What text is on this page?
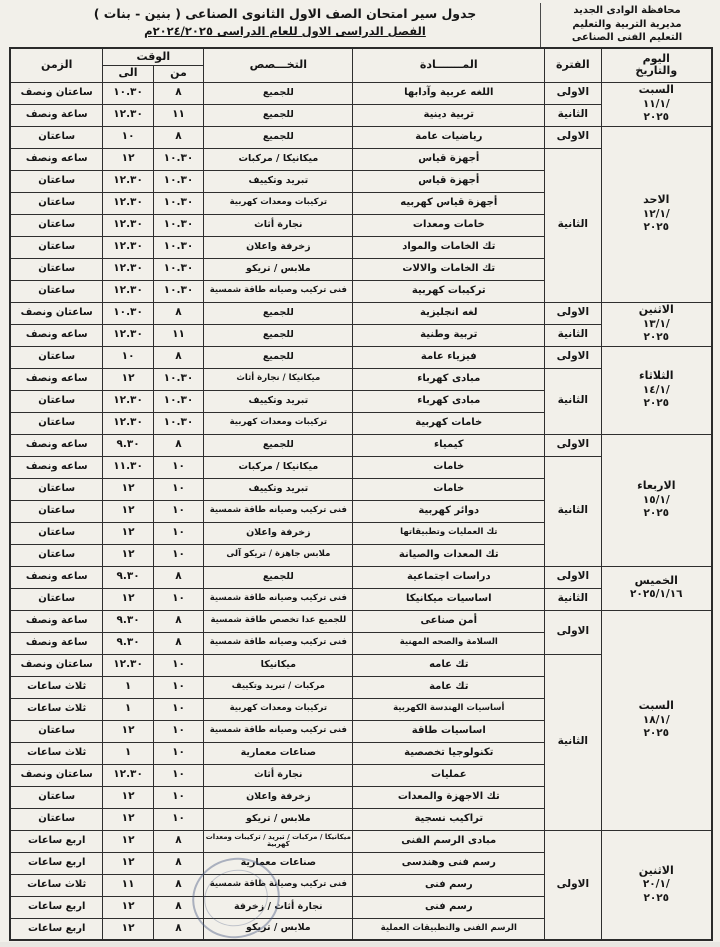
محافظة الوادى الجديد
مديرية التربية والتعليم
التعليم الفنى الصناعى
جدول سير امتحان الصف الاول الثانوى الصناعى ( بنين - بنات )
الفصل الدراسى الاول للعام الدراسى ٢٠٢٤/٢٠٢٥م
اليوم والتاريخ	الفترة	المـــــــادة	التخـــصص	الوقت		الزمن
				من	الى	

السبت
١١/١/
٢٠٢٥	الاولى	اللغه عربية وآدابها	للجميع	٨	١٠.٣٠	ساعتان ونصف
	الثانية	تربية دينية	للجميع	١١	١٢.٣٠	ساعة ونصف

الاحد
١٢/١/
٢٠٢٥	الاولى	رياضيات عامة	للجميع	٨	١٠	ساعتان
	الثانية	أجهزة قياس	ميكانيكا / مركبات	١٠.٣٠	١٢	ساعه ونصف
		أجهزة قياس	تبريد وتكييف	١٠.٣٠	١٢.٣٠	ساعتان
		أجهزة قياس كهربيه	تركيبات ومعدات كهربية	١٠.٣٠	١٢.٣٠	ساعتان
		خامات ومعدات	نجارة أثاث	١٠.٣٠	١٢.٣٠	ساعتان
		تك الخامات والمواد	زخرفة واعلان	١٠.٣٠	١٢.٣٠	ساعتان
		تك الخامات والالات	ملابس / تريكو	١٠.٣٠	١٢.٣٠	ساعتان
		تركيبات كهربية	فنى تركيب وصيانه طاقة شمسية	١٠.٣٠	١٢.٣٠	ساعتان

الاثنين
١٣/١/
٢٠٢٥	الاولى	لغه انجليزية	للجميع	٨	١٠.٣٠	ساعتان ونصف
	الثانية	تربية وطنية	للجميع	١١	١٢.٣٠	ساعه ونصف

الثلاثاء
١٤/١/
٢٠٢٥	الاولى	فيزياء عامة	للجميع	٨	١٠	ساعتان
	الثانية	مبادى كهرباء	ميكانيكا / نجارة أثاث	١٠.٣٠	١٢	ساعه ونصف
		مبادى كهرباء	تبريد وتكييف	١٠.٣٠	١٢.٣٠	ساعتان
		خامات كهربية	تركيبات ومعدات كهربية	١٠.٣٠	١٢.٣٠	ساعتان

الاربعاء
١٥/١/
٢٠٢٥	الاولى	كيمياء	للجميع	٨	٩.٣٠	ساعه ونصف
	الثانية	خامات	ميكانيكا / مركبات	١٠	١١.٣٠	ساعه ونصف
		خامات	تبريد وتكييف	١٠	١٢	ساعتان
		دوائر كهربية	فنى تركيب وصيانه طاقة شمسية	١٠	١٢	ساعتان
		تك العمليات وتطبيقاتها	زخرفة واعلان	١٠	١٢	ساعتان
		تك المعدات والصيانة	ملابس جاهزة / تريكو آلى	١٠	١٢	ساعتان

الخميس
٢٠٢٥/١/١٦	الاولى	دراسات اجتماعية	للجميع	٨	٩.٣٠	ساعه ونصف
	الثانية	اساسيات ميكانيكا	فنى تركيب وصيانه طاقة شمسية	١٠	١٢	ساعتان

السبت
١٨/١/
٢٠٢٥	الاولى	أمن صناعى	للجميع عدا تخصص طاقة شمسية	٨	٩.٣٠	ساعة ونصف
		السلامة والصحه المهنية	فنى تركيب وصيانه طاقة شمسية	٨	٩.٣٠	ساعة ونصف
	الثانية	تك عامه	ميكانيكا	١٠	١٢.٣٠	ساعتان ونصف
		تك عامة	مركبات / تبريد وتكييف	١٠	١	ثلاث ساعات
		أساسيات الهندسة الكهربية	تركيبات ومعدات كهربية	١٠	١	ثلاث ساعات
		اساسيات طاقة	فنى تركيب وصيانه طاقة شمسية	١٠	١٢	ساعتان
		تكنولوجيا تخصصية	صناعات معمارية	١٠	١	ثلاث ساعات
		عمليات	نجارة أثاث	١٠	١٢.٣٠	ساعتان ونصف
		تك الاجهزة والمعدات	زخرفة واعلان	١٠	١٢	ساعتان
		تراكيب نسجية	ملابس / تريكو	١٠	١٢	ساعتان

الاثنين
٢٠/١/
٢٠٢٥	الاولى	مبادى الرسم الفنى	ميكانيكا / مركبات / تبريد / تركيبات ومعدات كهربية	٨	١٢	اربع ساعات
		رسم فنى وهندسى	صناعات معمارية	٨	١٢	اربع ساعات
		رسم فنى	فنى تركيب وصيانة طاقة شمسية	٨	١١	ثلاث ساعات
		رسم فنى	نجارة أثاث / زخرفة	٨	١٢	اربع ساعات
		الرسم الفنى والتطبيقات العملية	ملابس / تريكو	٨	١٢	اربع ساعات
